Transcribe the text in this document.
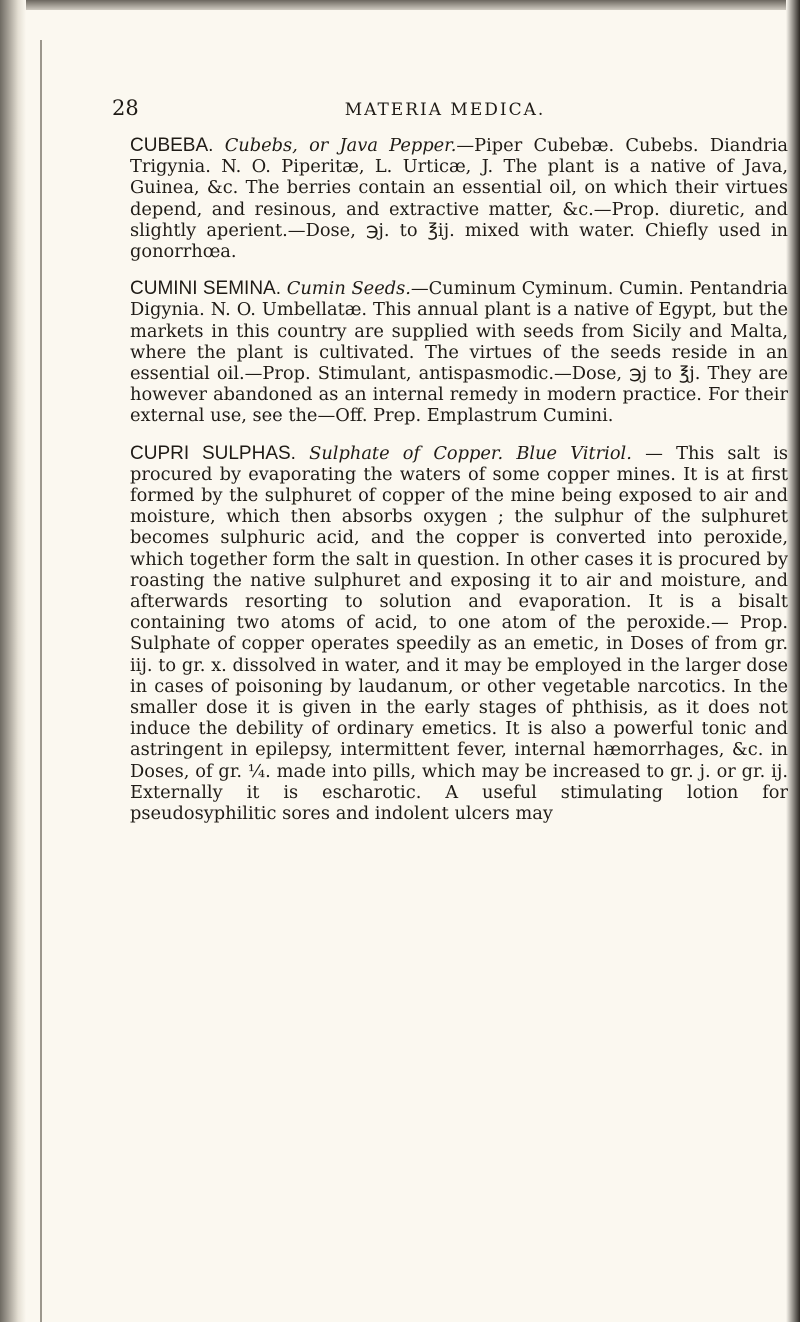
28	MATERIA MEDICA.

CUBEBA. Cubebs, or Java Pepper.—Piper Cubebæ. Cubebs. Diandria Trigynia. N. O. Piperitæ, L. Urticæ, J. The plant is a native of Java, Guinea, &c. The berries contain an essential oil, on which their virtues depend, and resinous, and extractive matter, &c.—Prop. diuretic, and slightly aperient.—Dose, ℈j. to ℥ij. mixed with water. Chiefly used in gonorrhœa.

CUMINI SEMINA. Cumin Seeds.—Cuminum Cyminum. Cumin. Pentandria Digynia. N. O. Umbellatæ. This annual plant is a native of Egypt, but the markets in this country are supplied with seeds from Sicily and Malta, where the plant is cultivated. The virtues of the seeds reside in an essential oil.—Prop. Stimulant, antispasmodic.—Dose, ℈j to ℥j. They are however abandoned as an internal remedy in modern practice. For their external use, see the—Off. Prep. Emplastrum Cumini.

CUPRI SULPHAS. Sulphate of Copper. Blue Vitriol. — This salt is procured by evaporating the waters of some copper mines. It is at first formed by the sulphuret of copper of the mine being exposed to air and moisture, which then absorbs oxygen ; the sulphur of the sulphuret becomes sulphuric acid, and the copper is converted into peroxide, which together form the salt in question. In other cases it is procured by roasting the native sulphuret and exposing it to air and moisture, and afterwards resorting to solution and evaporation. It is a bisalt containing two atoms of acid, to one atom of the peroxide.— Prop. Sulphate of copper operates speedily as an emetic, in Doses of from gr. iij. to gr. x. dissolved in water, and it may be employed in the larger dose in cases of poisoning by laudanum, or other vegetable narcotics. In the smaller dose it is given in the early stages of phthisis, as it does not induce the debility of ordinary emetics. It is also a powerful tonic and astringent in epilepsy, intermittent fever, internal hæmorrhages, &c. in Doses, of gr. ¼. made into pills, which may be increased to gr. j. or gr. ij. Externally it is escharotic. A useful stimulating lotion for pseudosyphilitic sores and indolent ulcers may
